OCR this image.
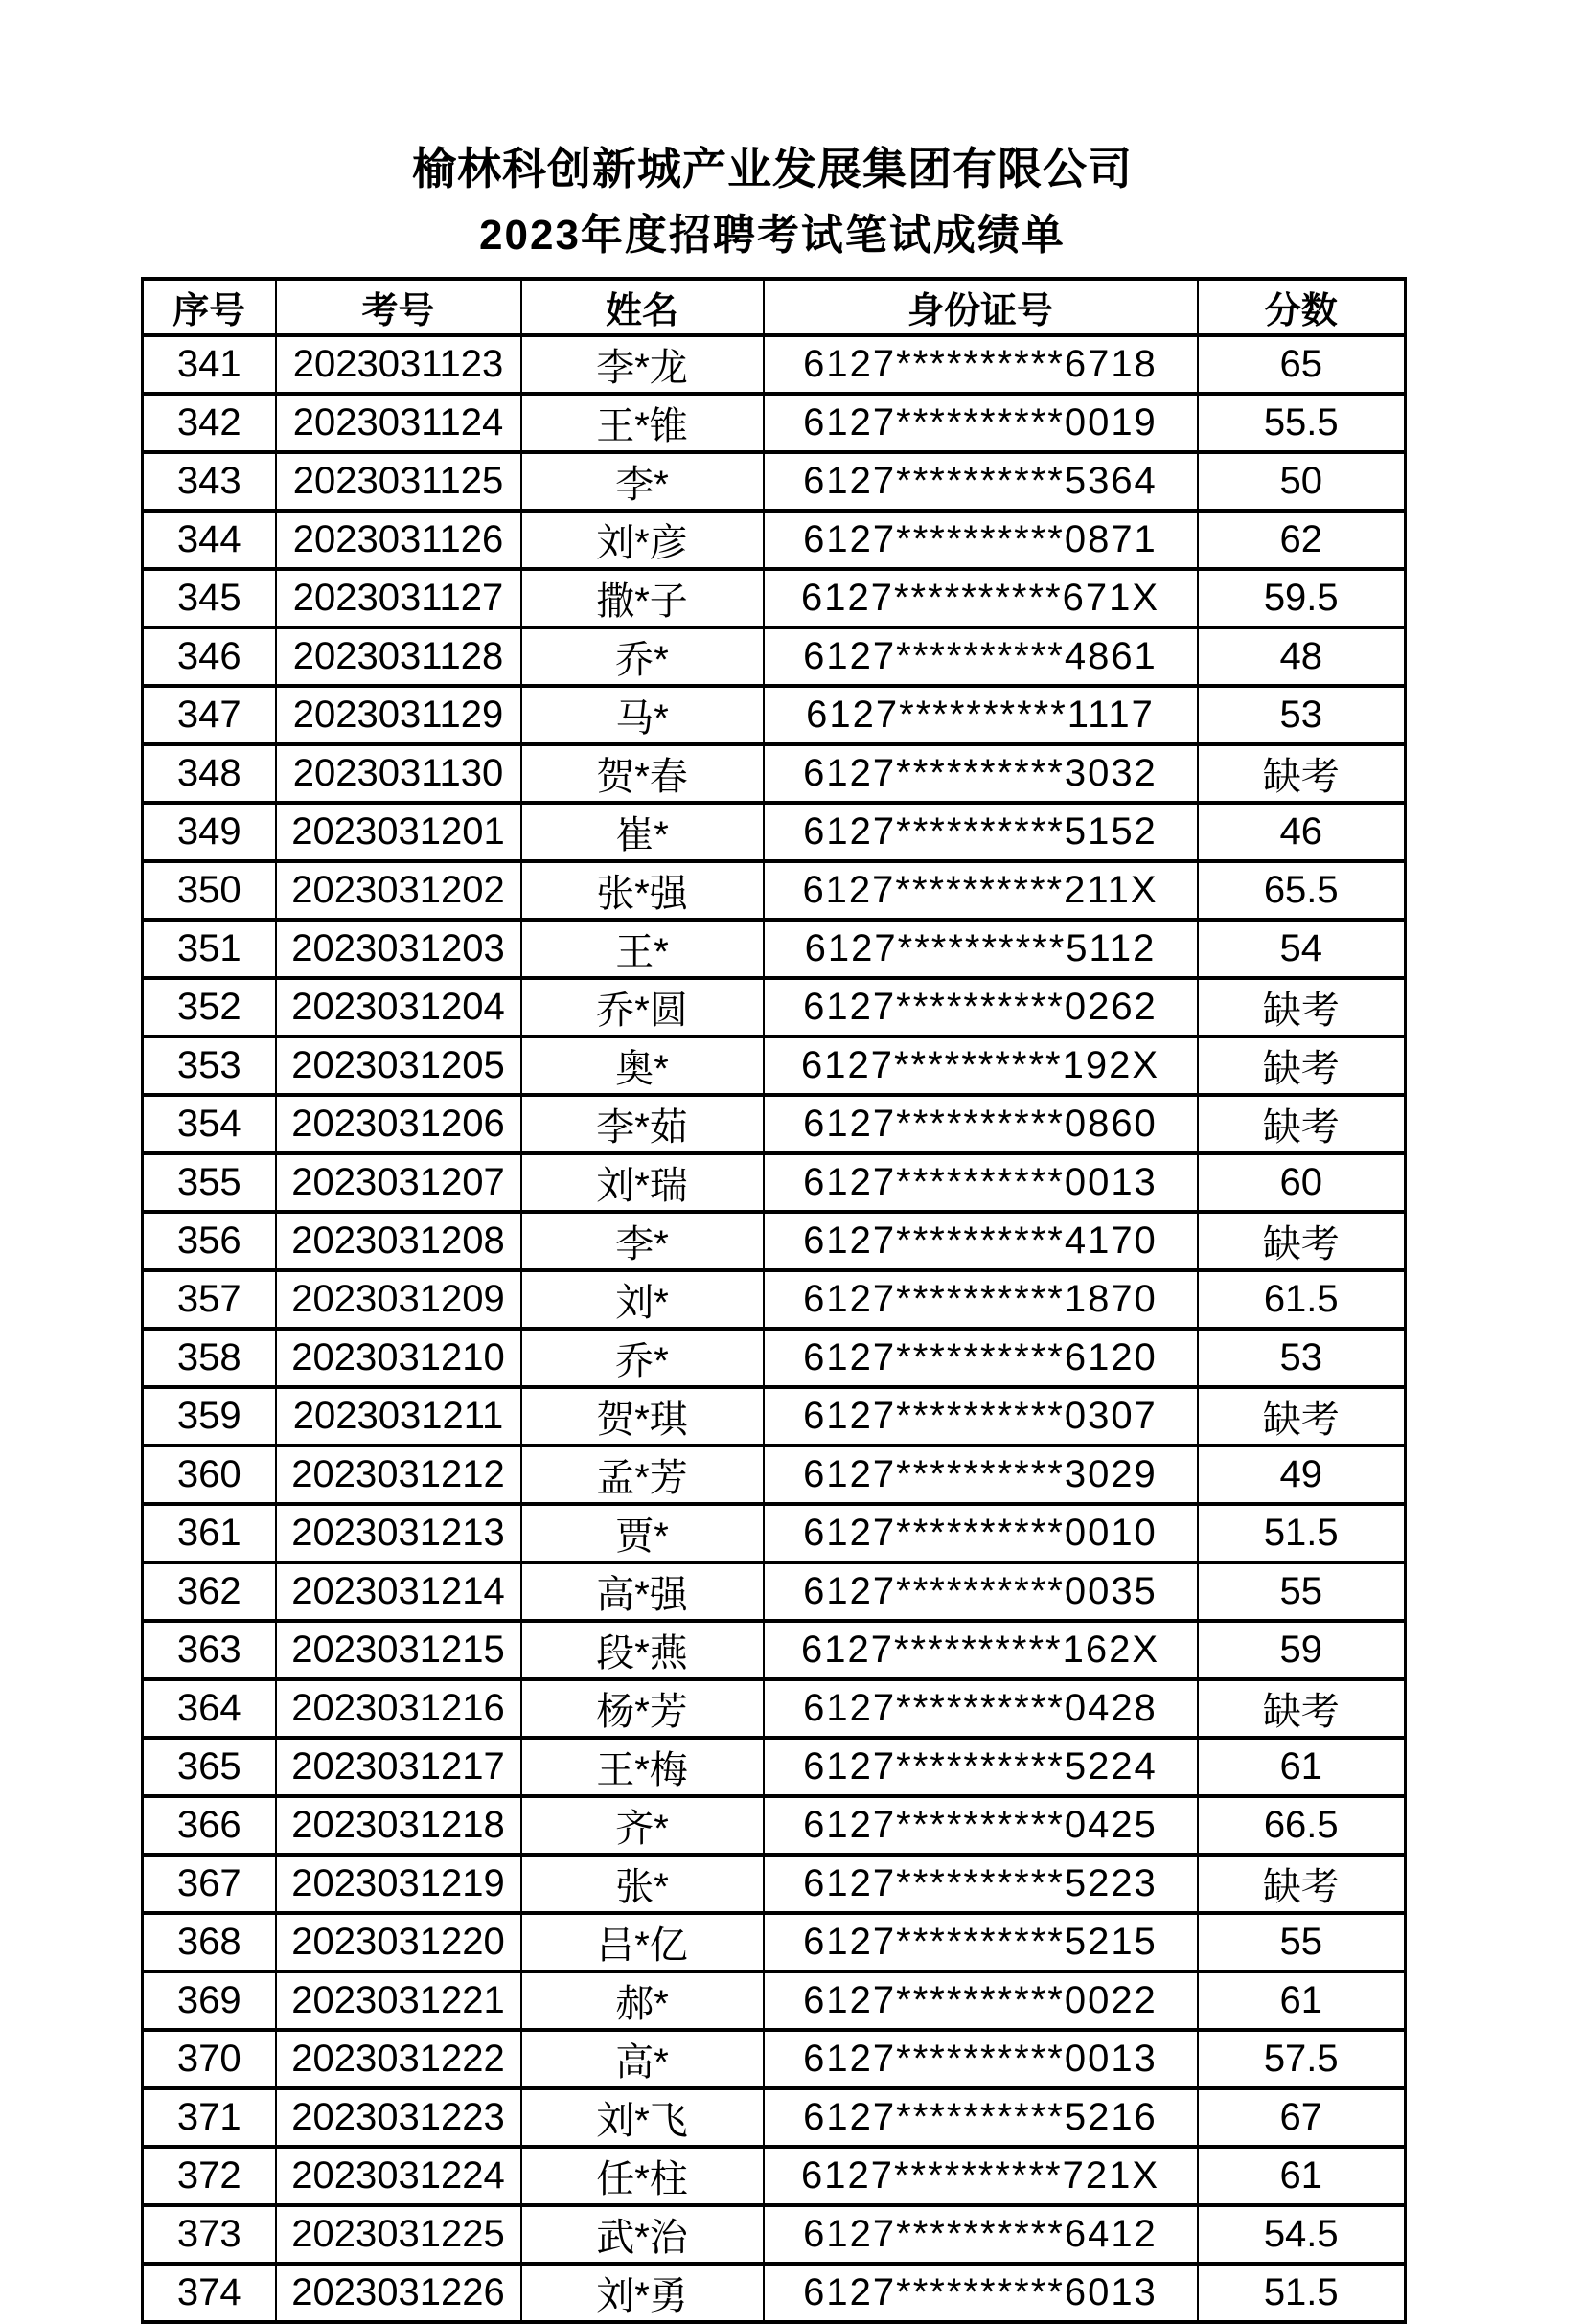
榆林科创新城产业发展集团有限公司
2023年度招聘考试笔试成绩单
序号	考号	姓名	身份证号	分数
341	2023031123	李*龙	6127**********6718	65
342	2023031124	王*锥	6127**********0019	55.5
343	2023031125	李*	6127**********5364	50
344	2023031126	刘*彦	6127**********0871	62
345	2023031127	撒*子	6127**********671X	59.5
346	2023031128	乔*	6127**********4861	48
347	2023031129	马*	6127**********1117	53
348	2023031130	贺*春	6127**********3032	缺考
349	2023031201	崔*	6127**********5152	46
350	2023031202	张*强	6127**********211X	65.5
351	2023031203	王*	6127**********5112	54
352	2023031204	乔*圆	6127**********0262	缺考
353	2023031205	奥*	6127**********192X	缺考
354	2023031206	李*茹	6127**********0860	缺考
355	2023031207	刘*瑞	6127**********0013	60
356	2023031208	李*	6127**********4170	缺考
357	2023031209	刘*	6127**********1870	61.5
358	2023031210	乔*	6127**********6120	53
359	2023031211	贺*琪	6127**********0307	缺考
360	2023031212	孟*芳	6127**********3029	49
361	2023031213	贾*	6127**********0010	51.5
362	2023031214	高*强	6127**********0035	55
363	2023031215	段*燕	6127**********162X	59
364	2023031216	杨*芳	6127**********0428	缺考
365	2023031217	王*梅	6127**********5224	61
366	2023031218	齐*	6127**********0425	66.5
367	2023031219	张*	6127**********5223	缺考
368	2023031220	吕*亿	6127**********5215	55
369	2023031221	郝*	6127**********0022	61
370	2023031222	高*	6127**********0013	57.5
371	2023031223	刘*飞	6127**********5216	67
372	2023031224	任*柱	6127**********721X	61
373	2023031225	武*治	6127**********6412	54.5
374	2023031226	刘*勇	6127**********6013	51.5
